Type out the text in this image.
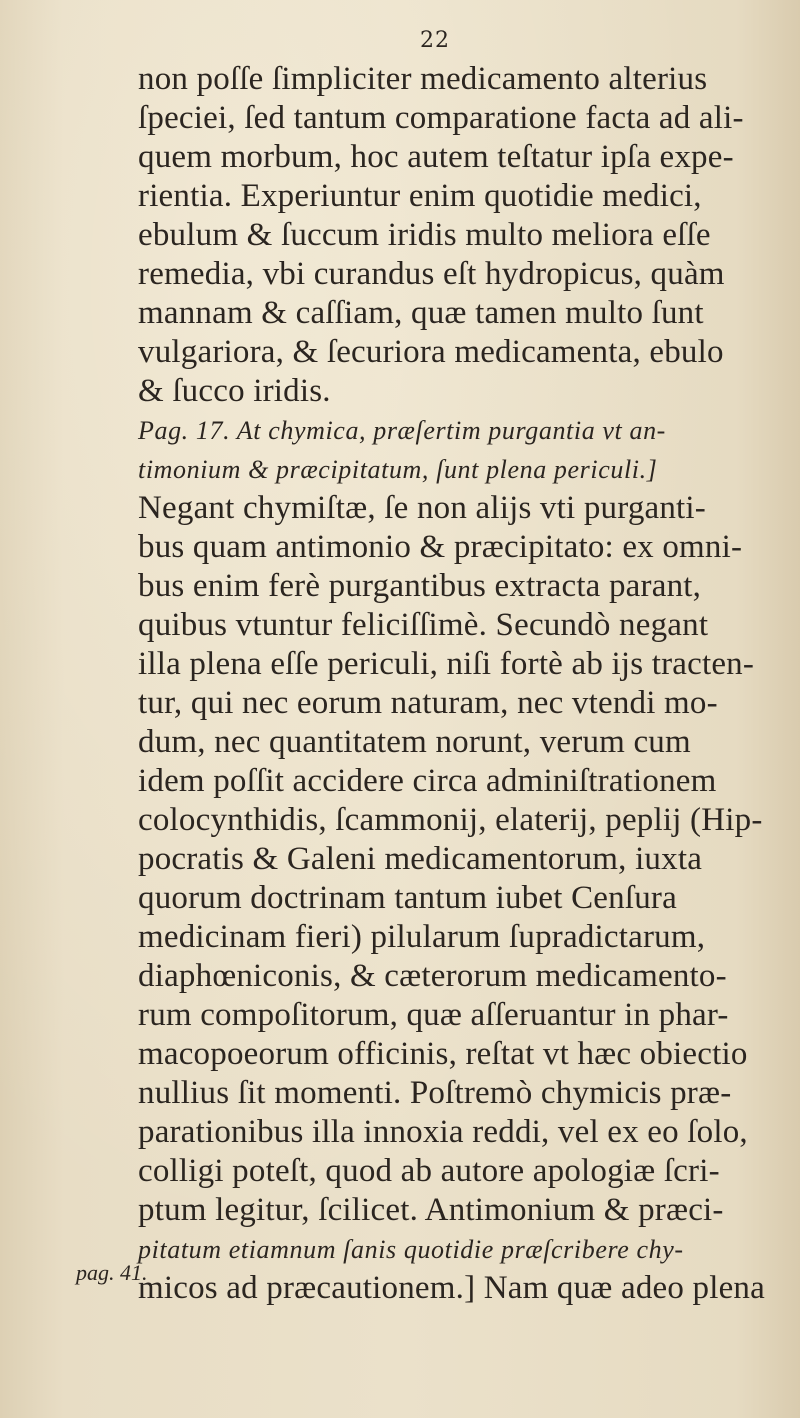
22
non poſſe ſimpliciter medicamento alterius
ſpeciei, ſed tantum comparatione facta ad ali-
quem morbum, hoc autem teſtatur ipſa expe-
rientia. Experiuntur enim quotidie medici,
ebulum & ſuccum iridis multo meliora eſſe
remedia, vbi curandus eſt hydropicus, quàm
mannam & caſſiam, quæ tamen multo ſunt
vulgariora, & ſecuriora medicamenta, ebulo
& ſucco iridis.
Pag. 17. At chymica, præſertim purgantia vt an-
timonium & præcipitatum, ſunt plena periculi.]
Negant chymiſtæ, ſe non alijs vti purganti-
bus quam antimonio & præcipitato: ex omni-
bus enim ferè purgantibus extracta parant,
quibus vtuntur feliciſſimè. Secundò negant
illa plena eſſe periculi, niſi fortè ab ijs tracten-
tur, qui nec eorum naturam, nec vtendi mo-
dum, nec quantitatem norunt, verum cum
idem poſſit accidere circa adminiſtrationem
colocynthidis, ſcammonij, elaterij, peplij (Hip-
pocratis & Galeni medicamentorum, iuxta
quorum doctrinam tantum iubet Cenſura
medicinam fieri) pilularum ſupradictarum,
diaphœniconis, & cæterorum medicamento-
rum compoſitorum, quæ aſſeruantur in phar-
macopoeorum officinis, reſtat vt hæc obiectio
nullius ſit momenti. Poſtremò chymicis præ-
parationibus illa innoxia reddi, vel ex eo ſolo,
colligi poteſt, quod ab autore apologiæ ſcri-
ptum legitur, ſcilicet. Antimonium & præci-
pitatum etiamnum ſanis quotidie præſcribere chy-
micos ad præcautionem.] Nam quæ adeo plena
pag. 41.
